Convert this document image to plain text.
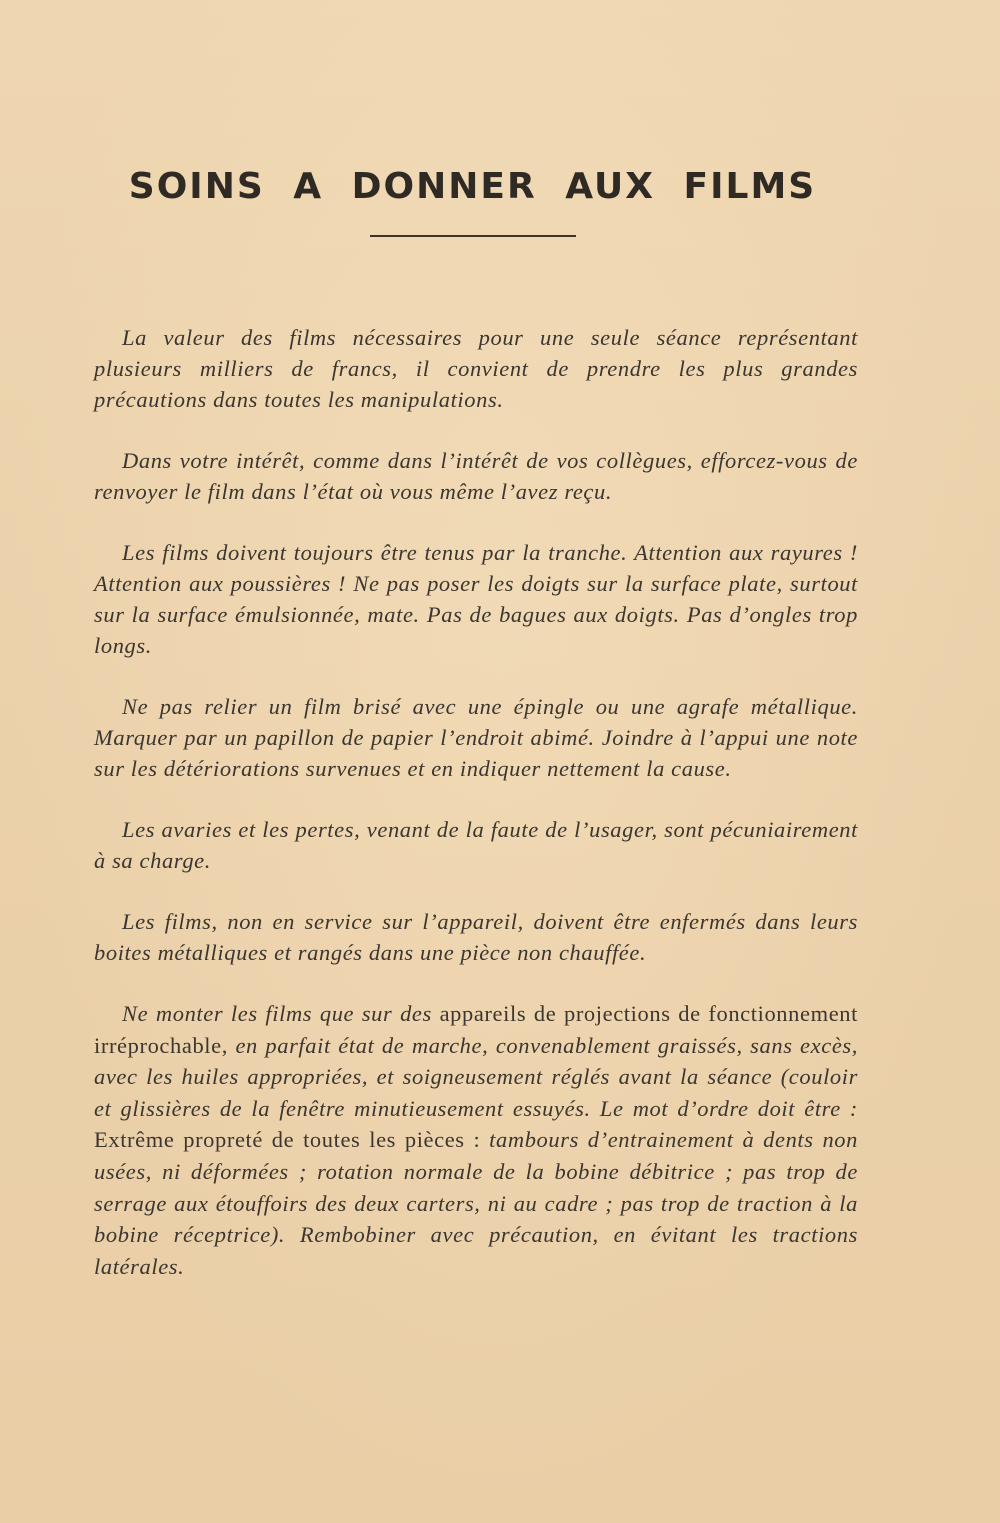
SOINS A DONNER AUX FILMS

La valeur des films nécessaires pour une seule séance représentant plusieurs milliers de francs, il convient de prendre les plus grandes précautions dans toutes les manipulations.

Dans votre intérêt, comme dans l’intérêt de vos collègues, efforcez-vous de renvoyer le film dans l’état où vous même l’avez reçu.

Les films doivent toujours être tenus par la tranche. Attention aux rayures ! Attention aux poussières ! Ne pas poser les doigts sur la surface plate, surtout sur la surface émulsionnée, mate. Pas de bagues aux doigts. Pas d’ongles trop longs.

Ne pas relier un film brisé avec une épingle ou une agrafe métallique. Marquer par un papillon de papier l’endroit abimé. Joindre à l’appui une note sur les détériorations survenues et en indiquer nettement la cause.

Les avaries et les pertes, venant de la faute de l’usager, sont pécuniairement à sa charge.

Les films, non en service sur l’appareil, doivent être enfermés dans leurs boites métalliques et rangés dans une pièce non chauffée.

Ne monter les films que sur des appareils de projections de fonctionnement irréprochable, en parfait état de marche, convenablement graissés, sans excès, avec les huiles appropriées, et soigneusement réglés avant la séance (couloir et glissières de la fenêtre minutieusement essuyés. Le mot d’ordre doit être : Extrême propreté de toutes les pièces : tambours d’entrainement à dents non usées, ni déformées ; rotation normale de la bobine débitrice ; pas trop de serrage aux étouffoirs des deux carters, ni au cadre ; pas trop de traction à la bobine réceptrice). Rembobiner avec précaution, en évitant les tractions latérales.
